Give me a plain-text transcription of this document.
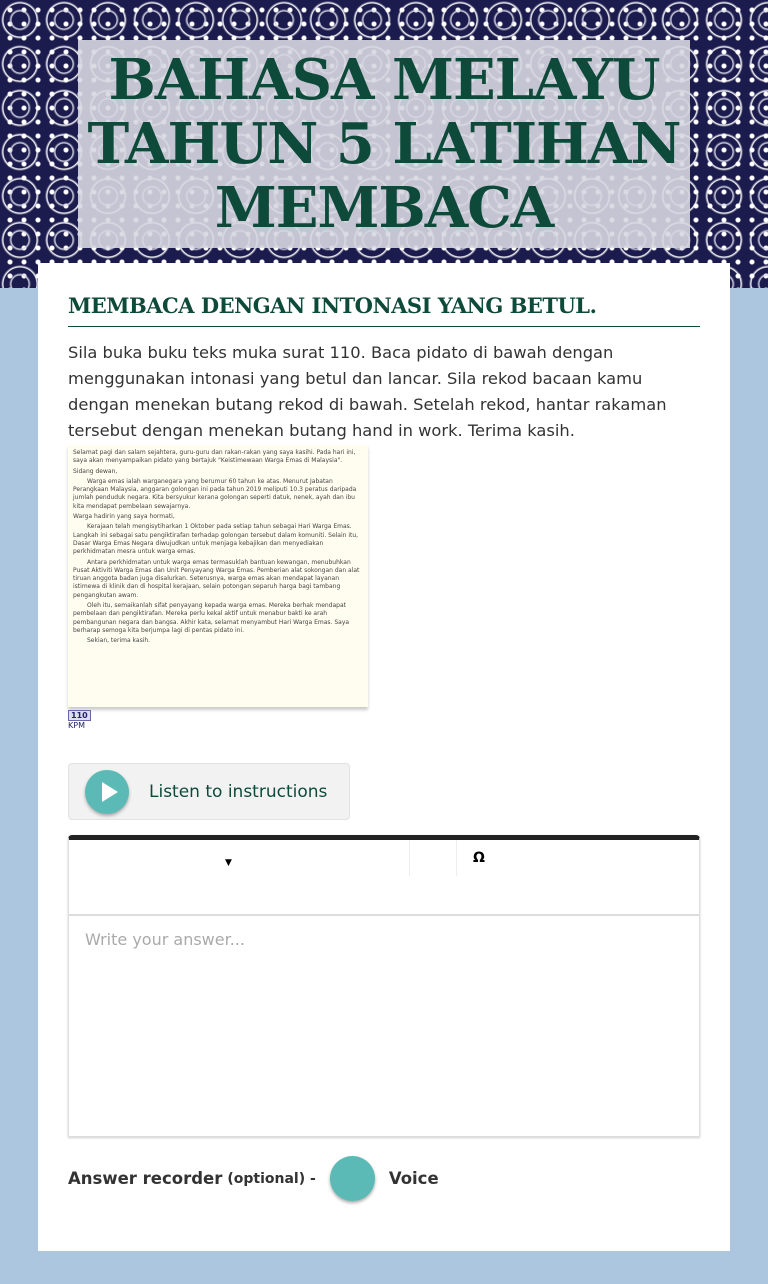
BAHASA MELAYU TAHUN 5 LATIHAN MEMBACA
MEMBACA DENGAN INTONASI YANG BETUL.

Sila buka buku teks muka surat 110. Baca pidato di bawah dengan menggunakan intonasi yang betul dan lancar. Sila rekod bacaan kamu dengan menekan butang rekod di bawah. Setelah rekod, hantar rakaman tersebut dengan menekan butang hand in work. Terima kasih.

Selamat pagi dan salam sejahtera, guru-guru dan rakan-rakan yang saya kasihi. Pada hari ini, saya akan menyampaikan pidato yang bertajuk "Keistimewaan Warga Emas di Malaysia".

Sidang dewan,

Warga emas ialah warganegara yang berumur 60 tahun ke atas. Menurut Jabatan Perangkaan Malaysia, anggaran golongan ini pada tahun 2019 meliputi 10.3 peratus daripada jumlah penduduk negara. Kita bersyukur kerana golongan seperti datuk, nenek, ayah dan ibu kita mendapat pembelaan sewajarnya.

Warga hadirin yang saya hormati,

Kerajaan telah mengisytiharkan 1 Oktober pada setiap tahun sebagai Hari Warga Emas. Langkah ini sebagai satu pengiktirafan terhadap golongan tersebut dalam komuniti. Selain itu, Dasar Warga Emas Negara diwujudkan untuk menjaga kebajikan dan menyediakan perkhidmatan mesra untuk warga emas.

Antara perkhidmatan untuk warga emas termasuklah bantuan kewangan, menubuhkan Pusat Aktiviti Warga Emas dan Unit Penyayang Warga Emas. Pemberian alat sokongan dan alat tiruan anggota badan juga disalurkan. Seterusnya, warga emas akan mendapat layanan istimewa di klinik dan di hospital kerajaan, selain potongan separuh harga bagi tambang pengangkutan awam.

Oleh itu, semaikanlah sifat penyayang kepada warga emas. Mereka berhak mendapat pembelaan dan pengiktirafan. Mereka perlu kekal aktif untuk menabur bakti ke arah pembangunan negara dan bangsa. Akhir kata, selamat menyambut Hari Warga Emas. Saya berharap semoga kita berjumpa lagi di pentas pidato ini.

Sekian, terima kasih.

110
KPM
Listen to instructions
▼	Ω
Write your answer...
Answer recorder (optional) -	Voice
